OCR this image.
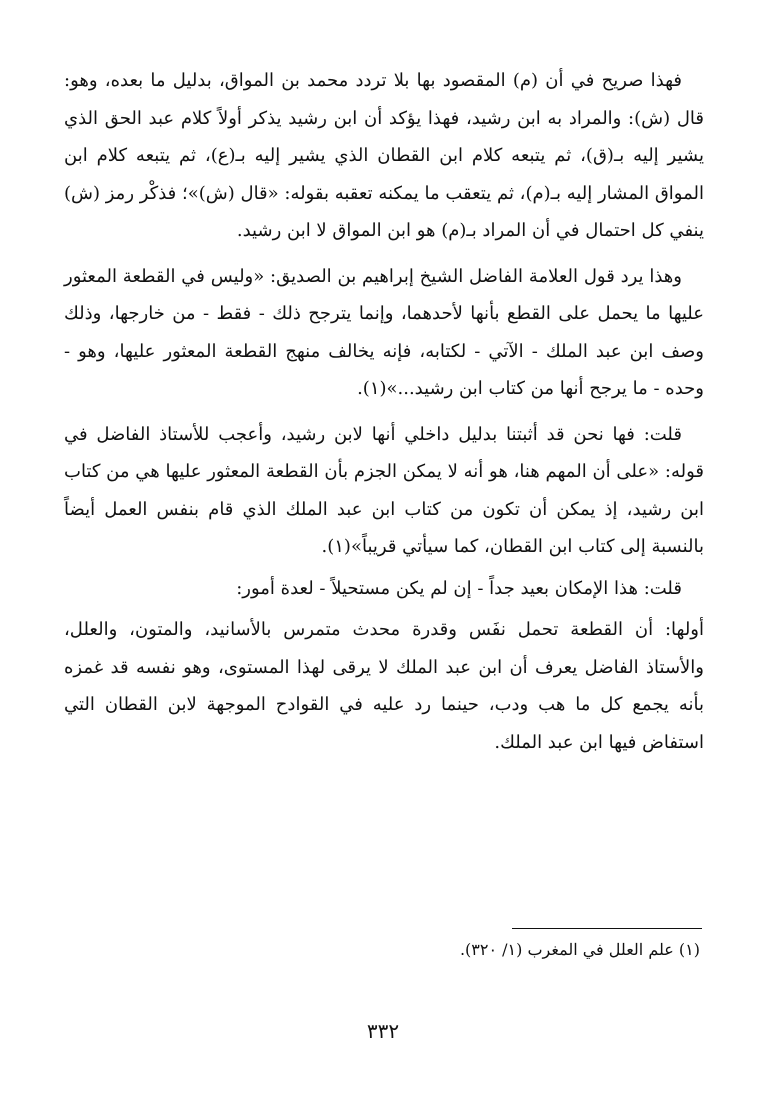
فهذا صريح في أن (م) المقصود بها بلا تردد محمد بن المواق، بدليل ما بعده، وهو: قال (ش): والمراد به ابن رشيد، فهذا يؤكد أن ابن رشيد يذكر أولاً كلام عبد الحق الذي يشير إليه بـ(ق)، ثم يتبعه كلام ابن القطان الذي يشير إليه بـ(ع)، ثم يتبعه كلام ابن المواق المشار إليه بـ(م)، ثم يتعقب ما يمكنه تعقبه بقوله: «قال (ش)»؛ فذكْر رمز (ش) ينفي كل احتمال في أن المراد بـ(م) هو ابن المواق لا ابن رشيد.

وهذا يرد قول العلامة الفاضل الشيخ إبراهيم بن الصديق: «وليس في القطعة المعثور عليها ما يحمل على القطع بأنها لأحدهما، وإنما يترجح ذلك - فقط - من خارجها، وذلك وصف ابن عبد الملك - الآتي - لكتابه، فإنه يخالف منهج القطعة المعثور عليها، وهو - وحده - ما يرجح أنها من كتاب ابن رشيد...»(١).

قلت: فها نحن قد أثبتنا بدليل داخلي أنها لابن رشيد، وأعجب للأستاذ الفاضل في قوله: «على أن المهم هنا، هو أنه لا يمكن الجزم بأن القطعة المعثور عليها هي من كتاب ابن رشيد، إذ يمكن أن تكون من كتاب ابن عبد الملك الذي قام بنفس العمل أيضاً بالنسبة إلى كتاب ابن القطان، كما سيأتي قريباً»(١).

قلت: هذا الإمكان بعيد جداً - إن لم يكن مستحيلاً - لعدة أمور:

أولها: أن القطعة تحمل نفَس وقدرة محدث متمرس بالأسانيد، والمتون، والعلل، والأستاذ الفاضل يعرف أن ابن عبد الملك لا يرقى لهذا المستوى، وهو نفسه قد غمزه بأنه يجمع كل ما هب ودب، حينما رد عليه في القوادح الموجهة لابن القطان التي استفاض فيها ابن عبد الملك.

(١) علم العلل في المغرب (١/ ٣٢٠).
٣٣٢
